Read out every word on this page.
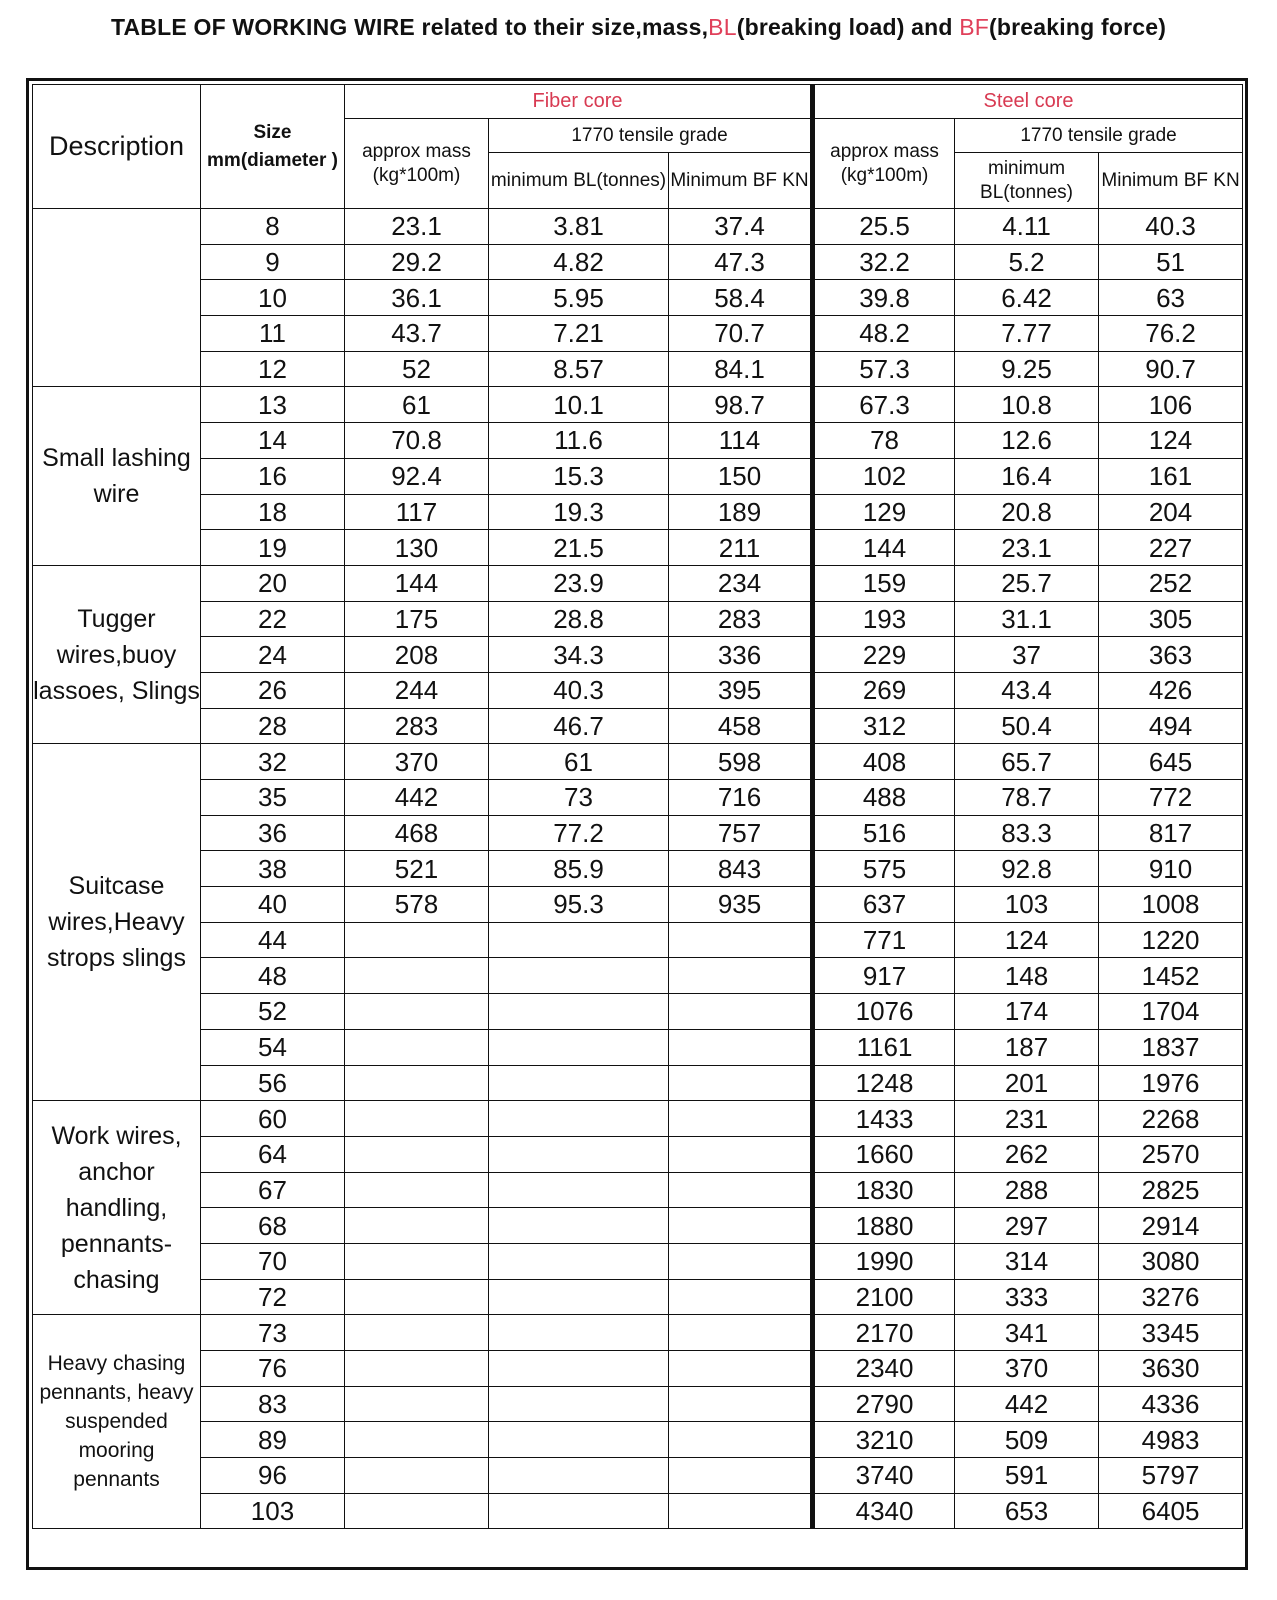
TABLE OF WORKING WIRE related to their size,mass,BL(breaking load) and BF(breaking force)
Description	Size mm(diameter )	Fiber core			Steel core		
		approx mass (kg*100m)	1770 tensile grade		approx mass (kg*100m)	1770 tensile grade	
			minimum BL(tonnes)	Minimum BF KN		minimum BL(tonnes)	Minimum BF KN
	8	23.1	3.81	37.4	25.5	4.11	40.3
	9	29.2	4.82	47.3	32.2	5.2	51
	10	36.1	5.95	58.4	39.8	6.42	63
	11	43.7	7.21	70.7	48.2	7.77	76.2
	12	52	8.57	84.1	57.3	9.25	90.7
Small lashing wire	13	61	10.1	98.7	67.3	10.8	106
	14	70.8	11.6	114	78	12.6	124
	16	92.4	15.3	150	102	16.4	161
	18	117	19.3	189	129	20.8	204
	19	130	21.5	211	144	23.1	227
Tugger wires,buoy lassoes, Slings	20	144	23.9	234	159	25.7	252
	22	175	28.8	283	193	31.1	305
	24	208	34.3	336	229	37	363
	26	244	40.3	395	269	43.4	426
	28	283	46.7	458	312	50.4	494
Suitcase wires,Heavy strops slings	32	370	61	598	408	65.7	645
	35	442	73	716	488	78.7	772
	36	468	77.2	757	516	83.3	817
	38	521	85.9	843	575	92.8	910
	40	578	95.3	935	637	103	1008
	44				771	124	1220
	48				917	148	1452
	52				1076	174	1704
	54				1161	187	1837
	56				1248	201	1976
Work wires, anchor handling, pennants-chasing	60				1433	231	2268
	64				1660	262	2570
	67				1830	288	2825
	68				1880	297	2914
	70				1990	314	3080
	72				2100	333	3276
Heavy chasing pennants, heavy suspended mooring pennants	73				2170	341	3345
	76				2340	370	3630
	83				2790	442	4336
	89				3210	509	4983
	96				3740	591	5797
	103				4340	653	6405
